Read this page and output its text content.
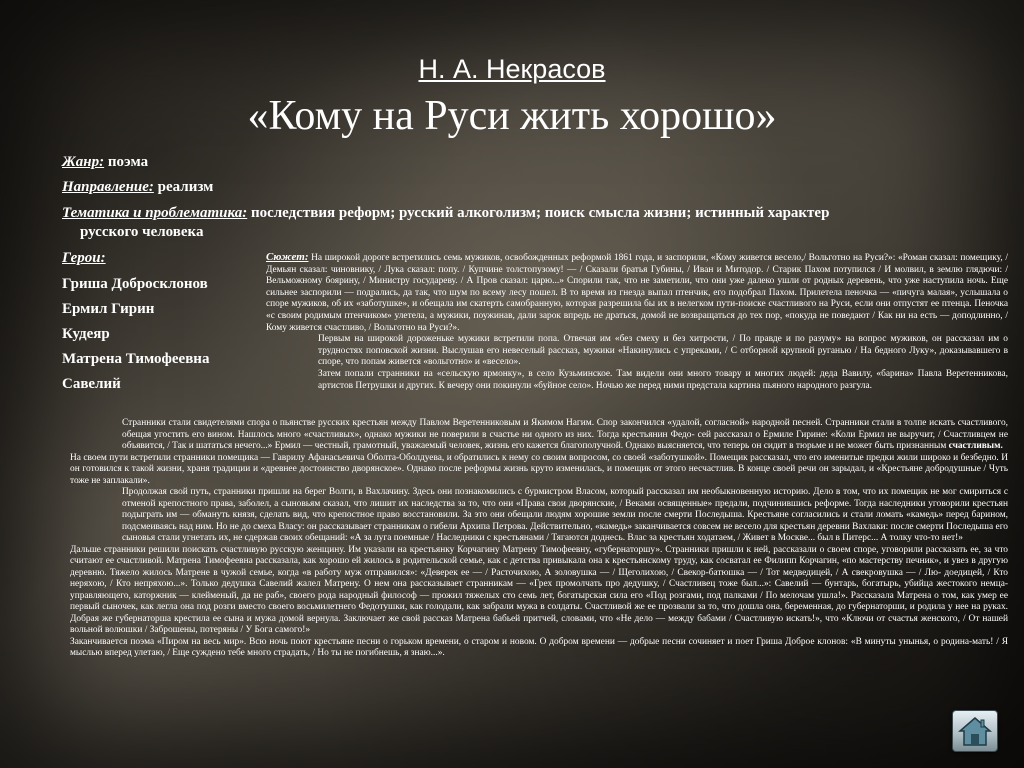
Н. А. Некрасов
«Кому на Руси жить хорошо»
Жанр: поэма
Направление: реализм
Тематика и проблематика: последствия реформ; русский алкоголизм; поиск смысла жизни; истинный характер
русского человека
Герои:
Гриша Добросклонов
Ермил Гирин
Кудеяр
Матрена Тимофеевна
Савелий
Сюжет: На широкой дороге встретились семь мужиков, освобожденных реформой 1861 года, и заспорили, «Кому живется весело,/ Вольготно на Руси?»: «Роман сказал: помещику, / Демьян сказал: чиновнику, / Лука сказал: попу. / Купчине толстопузому! — / Сказали братья Губины, / Иван и Митодор. / Старик Пахом потупился / И молвил, в землю глядючи: / Вельможному боярину, / Министру государеву. / А Пров сказал: царю...» Спорили так, что не заметили, что они уже далеко ушли от родных деревень, что уже наступила ночь. Еще сильнее заспорили — подрались, да так, что шум по всему лесу пошел. В то время из гнезда выпал птенчик, его подобрал Пахом. Прилетела пеночка — «пичуга малая», услышала о споре мужиков, об их «заботушке», и обещала им скатерть самобранную, которая разрешила бы их в нелегком пути-поиске счастливого на Руси, если они отпустят ее птенца. Пеночка «с своим родимым птенчиком» улетела, а мужики, поужинав, дали зарок впредь не драться, домой не возвращаться до тех пор, «покуда не поведают / Как ни на есть — доподлинно, / Кому живется счастливо, / Вольготно на Руси?».
Первым на широкой дороженьке мужики встретили попа. Отвечая им «без смеху и без хитрости, / По правде и по разуму» на вопрос мужиков, он рассказал им о трудностях поповской жизни. Выслушав его невеселый рассказ, мужики «Накинулись с упреками, / С отборной крупной руганью / На бедного Луку», доказывавшего в споре, что попам живется «вольготно» и «весело».
Затем попали странники на «сельскую ярмонку», в село Кузьминское. Там видели они много товару и многих людей: деда Вавилу, «барина» Павла Веретенникова, артистов Петрушки и других. К вечеру они покинули «буйное село». Ночью же перед ними предстала картина пьяного народного разгула.

Странники стали свидетелями спора о пьянстве русских крестьян между Павлом Веретенниковым и Якимом Нагим. Спор закончился «удалой, согласной» народной песней. Странники стали в толпе искать счастливого, обещая угостить его вином. Нашлось много «счастливых», однако мужики не поверили в счастье ни одного из них. Тогда крестьянин Федо- сей рассказал о Ермиле Гирине: «Коли Ермил не выручит, / Счастливцем не объявится, / Так и шататься нечего...» Ермил — честный, грамотный, уважаемый человек, жизнь его кажется благополучной. Однако выясняется, что теперь он сидит в тюрьме и не может быть признанным счастливым.

На своем пути встретили странники помещика — Гаврилу Афанасьевича Оболта-Оболдуева, и обратились к нему со своим вопросом, со своей «заботушкой». Помещик рассказал, что его именитые предки жили широко и безбедно. И он готовился к такой жизни, храня традиции и «древнее достоинство дворянское». Однако после реформы жизнь круто изменилась, и помещик от этого несчастлив. В конце своей речи он зарыдал, и «Крестьяне добродушные / Чуть тоже не заплакали».

Продолжая свой путь, странники пришли на берег Волги, в Вахлачину. Здесь они познакомились с бурмистром Власом, который рассказал им необыкновенную историю. Дело в том, что их помещик не мог смириться с отменой крепостного права, заболел, а сыновьям сказал, что лишит их наследства за то, что они «Права свои дворянские, / Веками освященные» предали, подчинившись реформе. Тогда наследники уговорили крестьян подыграть им — обмануть князя, сделать вид, что крепостное право восстановили. За это они обещали людям хорошие земли после смерти Последыша. Крестьяне согласились и стали ломать «камедь» перед барином, подсмеиваясь над ним. Но не до смеха Власу: он рассказывает странникам о гибели Архипа Петрова. Действительно, «камедь» заканчивается совсем не весело для крестьян деревни Вахлаки: после смерти Последыша его сыновья стали угнетать их, не сдержав своих обещаний: «А за луга поемные / Наследники с крестьянами / Тягаются доднесь. Влас за крестьян ходатаем, / Живет в Москве... был в Питерс... А толку что-то нет!»

Дальше странники решили поискать счастливую русскую женщину. Им указали на крестьянку Корчагину Матрену Тимофеевну, «губернаторшу». Странники пришли к ней, рассказали о своем споре, уговорили рассказать ее, за что считают ее счастливой. Матрена Тимофеевна рассказала, как хорошо ей жилось в родительской семье, как с детства привыкала она к крестьянскому труду, как сосватал ее Филипп Корчагин, «по мастерству печник», и увез в другую деревню. Тяжело жилось Матрене в чужой семье, когда «в работу муж отправился»: «Деверек ее — / Расточихою, А золовушка — / Щеголихою, / Свекор-батюшка — / Тот медведицей, / А свекровушка — / Лю- доедицей, / Кто неряхою, / Кто непряхою...». Только дедушка Савелий жалел Матрену. О нем она рассказывает странникам — «Грех промолчать про дедушку, / Счастливец тоже был...»: Савелий — бунтарь, богатырь, убийца жестокого немца-управляющего, каторжник — клейменый, да не раб», своего рода народный философ — прожил тяжелых сто семь лет, богатырская сила его «Под розгами, под палками / По мелочам ушла!». Рассказала Матрена о том, как умер ее первый сыночек, как легла она под розги вместо своего восьмилетнего Федотушки, как голодали, как забрали мужа в солдаты. Счастливой же ее прозвали за то, что дошла она, беременная, до губернаторши, и родила у нее на руках. Добрая же губернаторша крестила ее сына и мужа домой вернула. Заключает же свой рассказ Матрена бабьей притчей, словами, что «Не дело — между бабами / Счастливую искать!», что «Ключи от счастья женского, / От нашей вольной волюшки / Заброшены, потеряны / У Бога самого!»

Заканчивается поэма «Пиром на весь мир». Всю ночь поют крестьяне песни о горьком времени, о старом и новом. О добром времени — добрые песни сочиняет и поет Гриша Доброе клонов: «В минуты унынья, о родина-мать! / Я мыслью вперед улетаю, / Еще суждено тебе много страдать, / Но ты не погибнешь, я знаю...».
